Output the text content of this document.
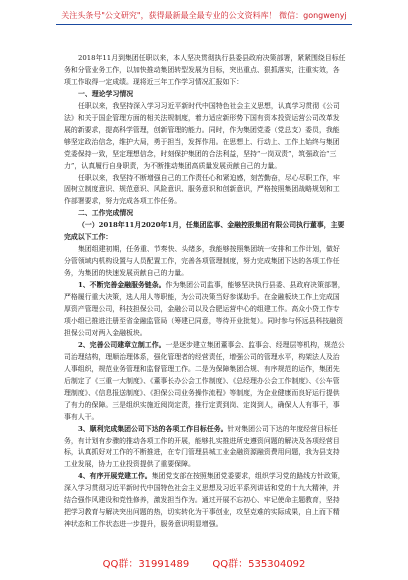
关注头条号"公文研究"，获得最新最全最专业的公文资料库！ 微信：gongwenyj

2018年11月到集团任职以来，本人坚决贯彻执行县委县政府决策部署，紧紧围绕目标任务和分管业务工作，以加快推动集团转型发展为目标，突出重点、狠抓落实，注重实效，各项工作取得一定成绩。现将近三年工作学习情况汇报如下：

一、理论学习情况

任职以来，我坚持深入学习习近平新时代中国特色社会主义思想，认真学习贯彻《公司法》和关于国企管理方面的相关法规制度，着力适应新形势下国有资本投资运营公司改革发展的新要求，提高科学管理，创新管理的能力。同时，作为集团党委（党总支）委员，我能够坚定政治信念，维护大局，勇于担当，发挥作用。在思想上、行动上、工作上始终与集团党委保持一致，坚定理想信念，时刻保护集团的合法利益，坚持“一岗双责”，筑强政治“三力”，认真履行自身职责，为不断推动集团高质量发展贡献自己的力量。

任职以来，我坚持不断增强自己的工作责任心和紧迫感，刻苦勤奋，尽心尽职工作，牢固树立制度意识、规范意识、风险意识、服务意识和创新意识，严格按照集团战略规划和工作部署要求，努力完成各项工作任务。

二、工作完成情况

（一）2018年11月2020年1月，任集团监事、金融控股集团有限公司执行董事，主要完成以下工作：

集团组建初期，任务重、节奏快、头绪多，我能够按照集团统一安排和工作计划，做好分管领域内机构设置与人员配置工作，完善各项管理制度，努力完成集团下达的各项工作任务，为集团的快速发展贡献自己的力量。

1、不断完善金融服务链条。作为集团公司监事，能够坚决执行县委、县政府决策部署，严格履行重大决策，选人用人等职能，为公司决策当好参谋助手。在金融板块工作上完成国厚资产管理公司，科技担保公司，金融公司以及合肥运营中心的组建工作。高众小贷工作专项小组已推进注册至省金融监管局（筹建已同意，等待开业批复）。同时参与怀远县科技融资担保公司对两入金融板块。

2、完善公司建章立制工作。一是逐步建立集团董事会、监事会、经理层等机构，规范公司治理结构，理顺治理体系，强化管理者的经营责任，增强公司的管理水平，构架法人及治人事组织，规范业务管理和监督管理工作。二是为保障集团合规、有序规范的运作，集团先后制定了《三重一大制度》、《董事长办公会工作制度》、《总经理办公会工作制度》、《公车管理制度》、《信息报送制度》、《担保公司业务操作流程》等制度，为企业健康而良好运行提供了有力的保障。三是组织实施近阅岗定责，推行定责到岗、定岗到人，确保人人有事干，事事有人干。

3、顺利完成集团公司下达的各项工作目标任务。针对集团公司下达的年度经营目标任务，有计划有步骤的推动各项工作的开展，能够扎实推进所史遵资问题的解决及各项经营目标，认真抓好对工作的不断推进，在专门管理县城工业金融资源融资费用问题，我为县支持工业发展，协力工业投资提供了重要保障。

4、有序开展党建工作。集团党支部在按照集团党委要求，组织学习党的路线方针政策，深入学习贯彻习近平新时代中国特色社会主义思想及习近平系列讲话和党的十九大精神，并结合强作风建设和党性修养，激发担当作为。通过开展不忘初心、牢记使命主题教育，坚持把学习教育与解决突出问题的热，切实转化为干事创业，攻坚克难的实际成果，自上而下精神状态和工作状态进一步提升，服务意识明显增强。

QQ群：31991489 QQ群：535304092
